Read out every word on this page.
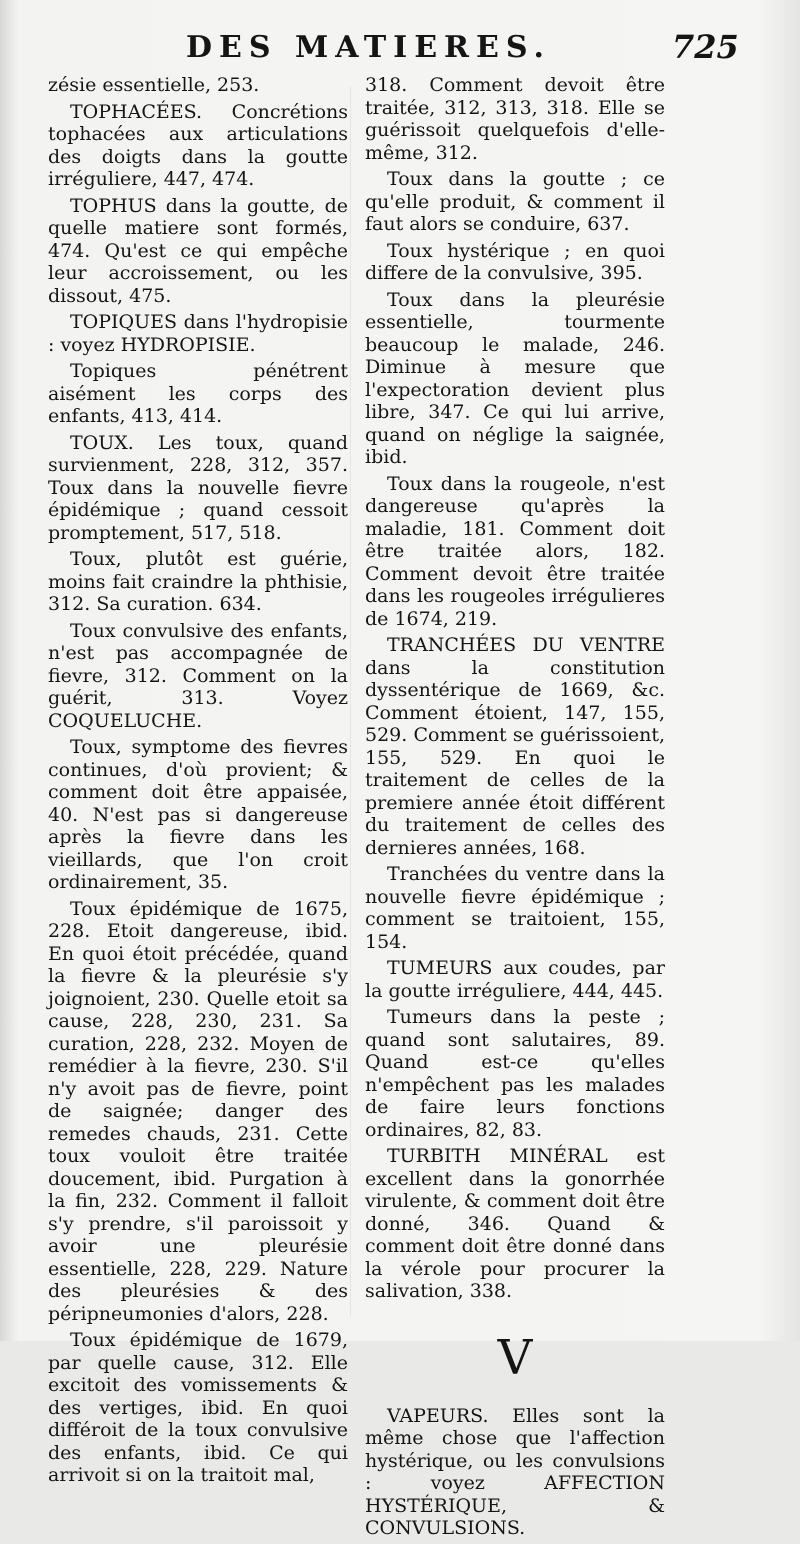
DES MATIERES.	725

zésie essentielle, 253.

TOPHACÉES. Concrétions tophacées aux articulations des doigts dans la goutte irréguliere, 447, 474.

TOPHUS dans la goutte, de quelle matiere sont formés, 474. Qu'est ce qui empêche leur accroissement, ou les dissout, 475.

TOPIQUES dans l'hydropisie : voyez HYDROPISIE.

Topiques pénétrent aisément les corps des enfants, 413, 414.

TOUX. Les toux, quand survienment, 228, 312, 357. Toux dans la nouvelle fievre épidémique ; quand cessoit promptement, 517, 518.

Toux, plutôt est guérie, moins fait craindre la phthisie, 312. Sa curation. 634.

Toux convulsive des enfants, n'est pas accompagnée de fievre, 312. Comment on la guérit, 313. Voyez COQUELUCHE.

Toux, symptome des fievres continues, d'où provient; & comment doit être appaisée, 40. N'est pas si dangereuse après la fievre dans les vieillards, que l'on croit ordinairement, 35.

Toux épidémique de 1675, 228. Etoit dangereuse, ibid. En quoi étoit précédée, quand la fievre & la pleurésie s'y joignoient, 230. Quelle etoit sa cause, 228, 230, 231. Sa curation, 228, 232. Moyen de remédier à la fievre, 230. S'il n'y avoit pas de fievre, point de saignée; danger des remedes chauds, 231. Cette toux vouloit être traitée doucement, ibid. Purgation à la fin, 232. Comment il falloit s'y prendre, s'il paroissoit y avoir une pleurésie essentielle, 228, 229. Nature des pleurésies & des péripneumonies d'alors, 228.

Toux épidémique de 1679, par quelle cause, 312. Elle excitoit des vomissements & des vertiges, ibid. En quoi différoit de la toux convulsive des enfants, ibid. Ce qui arrivoit si on la traitoit mal,

318. Comment devoit être traitée, 312, 313, 318. Elle se guérissoit quelquefois d'elle-même, 312.

Toux dans la goutte ; ce qu'elle produit, & comment il faut alors se conduire, 637.

Toux hystérique ; en quoi differe de la convulsive, 395.

Toux dans la pleurésie essentielle, tourmente beaucoup le malade, 246. Diminue à mesure que l'expectoration devient plus libre, 347. Ce qui lui arrive, quand on néglige la saignée, ibid.

Toux dans la rougeole, n'est dangereuse qu'après la maladie, 181. Comment doit être traitée alors, 182. Comment devoit être traitée dans les rougeoles irrégulieres de 1674, 219.

TRANCHÉES DU VENTRE dans la constitution dyssentérique de 1669, &c. Comment étoient, 147, 155, 529. Comment se guérissoient, 155, 529. En quoi le traitement de celles de la premiere année étoit différent du traitement de celles des dernieres années, 168.

Tranchées du ventre dans la nouvelle fievre épidémique ; comment se traitoient, 155, 154.

TUMEURS aux coudes, par la goutte irréguliere, 444, 445.

Tumeurs dans la peste ; quand sont salutaires, 89. Quand est-ce qu'elles n'empêchent pas les malades de faire leurs fonctions ordinaires, 82, 83.

TURBITH MINÉRAL est excellent dans la gonorrhée virulente, & comment doit être donné, 346. Quand & comment doit être donné dans la vérole pour procurer la salivation, 338.

V

VAPEURS. Elles sont la même chose que l'affection hystérique, ou les convulsions : voyez AFFECTION HYSTÉRIQUE, & CONVULSIONS.
